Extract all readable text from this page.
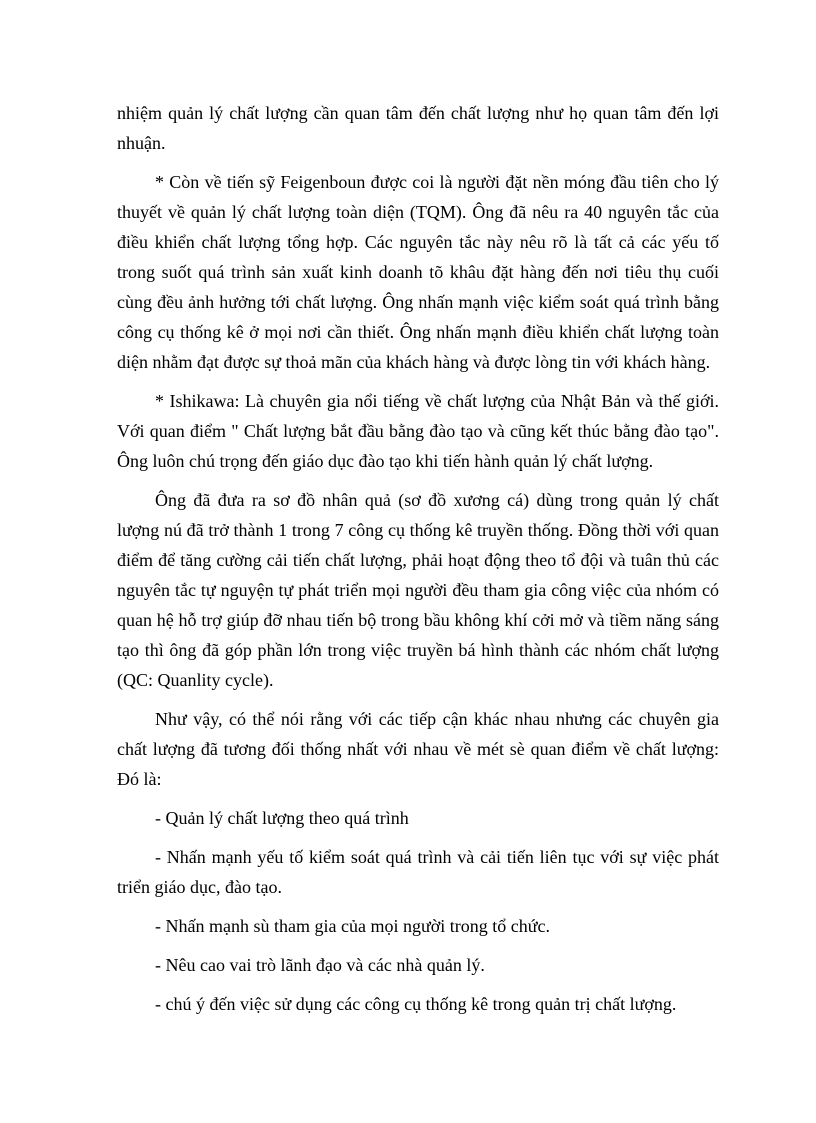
nhiệm quản lý chất lượng cần quan tâm đến chất lượng như họ quan tâm đến lợi nhuận.

* Còn về tiến sỹ Feigenboun được coi là người đặt nền móng đầu tiên cho lý thuyết về quản lý chất lượng toàn diện (TQM). Ông đã nêu ra 40 nguyên tắc của điều khiển chất lượng tổng hợp. Các nguyên tắc này nêu rõ là tất cả các yếu tố trong suốt quá trình sản xuất kinh doanh tõ khâu đặt hàng đến nơi tiêu thụ cuối cùng đều ảnh hưởng tới chất lượng. Ông nhấn mạnh việc kiểm soát quá trình bằng công cụ thống kê ở mọi nơi cần thiết. Ông nhấn mạnh điều khiển chất lượng toàn diện nhằm đạt được sự thoả mãn của khách hàng và được lòng tin với khách hàng.

* Ishikawa: Là chuyên gia nổi tiếng về chất lượng của Nhật Bản và thế giới. Với quan điểm " Chất lượng bắt đầu bằng đào tạo và cũng kết thúc bằng đào tạo". Ông luôn chú trọng đến giáo dục đào tạo khi tiến hành quản lý chất lượng.

Ông đã đưa ra sơ đồ nhân quả (sơ đồ xương cá) dùng trong quản lý chất lượng nú đã trở thành 1 trong 7 công cụ thống kê truyền thống. Đồng thời với quan điểm để tăng cường cải tiến chất lượng, phải hoạt động theo tổ đội và tuân thủ các nguyên tắc tự nguyện tự phát triển mọi người đều tham gia công việc của nhóm có quan hệ hỗ trợ giúp đỡ nhau tiến bộ trong bầu không khí cởi mở và tiềm năng sáng tạo thì ông đã góp phần lớn trong việc truyền bá hình thành các nhóm chất lượng (QC: Quanlity cycle).

Như vậy, có thể nói rằng với các tiếp cận khác nhau nhưng các chuyên gia chất lượng đã tương đối thống nhất với nhau về mét sè quan điểm về chất lượng: Đó là:

- Quản lý chất lượng theo quá trình

- Nhấn mạnh yếu tố kiểm soát quá trình và cải tiến liên tục với sự việc phát triển giáo dục, đào tạo.

- Nhấn mạnh sù tham gia của mọi người trong tổ chức.

- Nêu cao vai trò lãnh đạo và các nhà quản lý.

- chú ý đến việc sử dụng các công cụ thống kê trong quản trị chất lượng.
